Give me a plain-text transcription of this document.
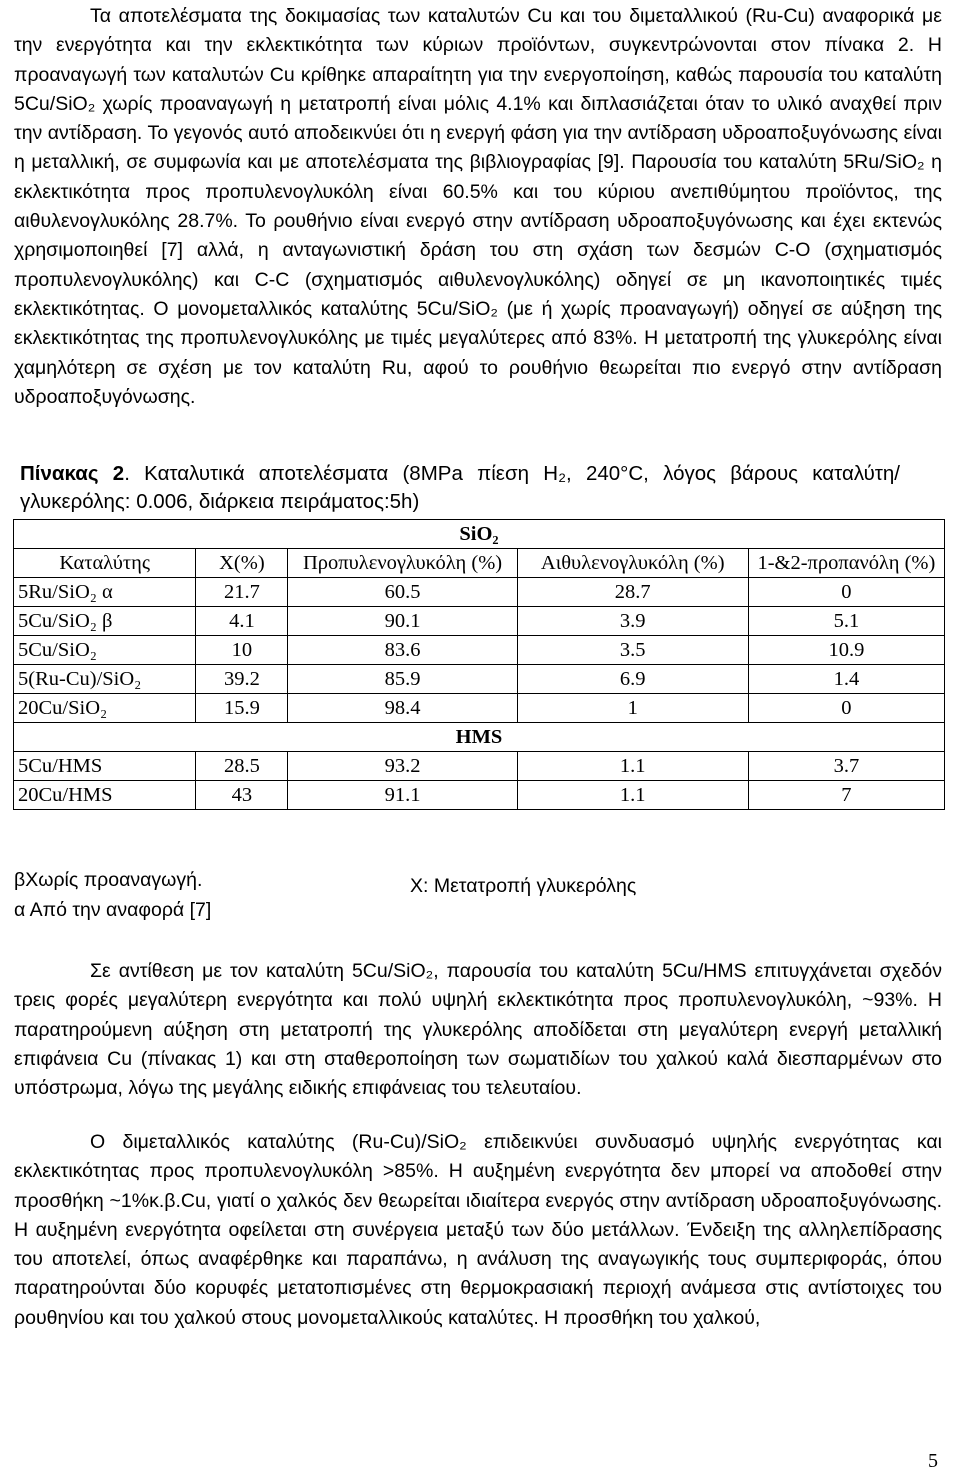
Τα αποτελέσματα της δοκιμασίας των καταλυτών Cu και του διμεταλλικού (Ru-Cu) αναφορικά με την ενεργότητα και την εκλεκτικότητα των κύριων προϊόντων, συγκεντρώνονται στον πίνακα 2. Η προαναγωγή των καταλυτών Cu κρίθηκε απαραίτητη για την ενεργοποίηση, καθώς παρουσία του καταλύτη 5Cu/SiO₂ χωρίς προαναγωγή η μετατροπή είναι μόλις 4.1% και διπλασιάζεται όταν το υλικό αναχθεί πριν την αντίδραση. Το γεγονός αυτό αποδεικνύει ότι η ενεργή φάση για την αντίδραση υδροαποξυγόνωσης είναι η μεταλλική, σε συμφωνία και με αποτελέσματα της βιβλιογραφίας [9]. Παρουσία του καταλύτη 5Ru/SiO₂ η εκλεκτικότητα προς προπυλενογλυκόλη είναι 60.5% και του κύριου ανεπιθύμητου προϊόντος, της αιθυλενογλυκόλης 28.7%. Το ρουθήνιο είναι ενεργό στην αντίδραση υδροαποξυγόνωσης και έχει εκτενώς χρησιμοποιηθεί [7] αλλά, η ανταγωνιστική δράση του στη σχάση των δεσμών C-O (σχηματισμός προπυλενογλυκόλης) και C-C (σχηματισμός αιθυλενογλυκόλης) οδηγεί σε μη ικανοποιητικές τιμές εκλεκτικότητας. Ο μονομεταλλικός καταλύτης 5Cu/SiO₂ (με ή χωρίς προαναγωγή) οδηγεί σε αύξηση της εκλεκτικότητας της προπυλενογλυκόλης με τιμές μεγαλύτερες από 83%. Η μετατροπή της γλυκερόλης είναι χαμηλότερη σε σχέση με τον καταλύτη Ru, αφού το ρουθήνιο θεωρείται πιο ενεργό στην αντίδραση υδροαποξυγόνωσης.

Πίνακας 2. Καταλυτικά αποτελέσματα (8MPa πίεση H₂, 240°C, λόγος βάρους καταλύτη/γλυκερόλης: 0.006, διάρκεια πειράματος:5h)

SiO₂				
Καταλύτης	Χ(%)	Προπυλενογλυκόλη (%)	Αιθυλενογλυκόλη (%)	1-&2-προπανόλη (%)
5Ru/SiO₂ α	21.7	60.5	28.7	0
5Cu/SiO₂ β	4.1	90.1	3.9	5.1
5Cu/SiO₂	10	83.6	3.5	10.9
5(Ru-Cu)/SiO₂	39.2	85.9	6.9	1.4
20Cu/SiO₂	15.9	98.4	1	0
HMS				
5Cu/HMS	28.5	93.2	1.1	3.7
20Cu/HMS	43	91.1	1.1	7
βΧωρίς προαναγωγή.
α Από την αναφορά [7]
Χ: Μετατροπή γλυκερόλης

Σε αντίθεση με τον καταλύτη 5Cu/SiO₂, παρουσία του καταλύτη 5Cu/HMS επιτυγχάνεται σχεδόν τρεις φορές μεγαλύτερη ενεργότητα και πολύ υψηλή εκλεκτικότητα προς προπυλενογλυκόλη, ~93%. Η παρατηρούμενη αύξηση στη μετατροπή της γλυκερόλης αποδίδεται στη μεγαλύτερη ενεργή μεταλλική επιφάνεια Cu (πίνακας 1) και στη σταθεροποίηση των σωματιδίων του χαλκού καλά διεσπαρμένων στο υπόστρωμα, λόγω της μεγάλης ειδικής επιφάνειας του τελευταίου.

Ο διμεταλλικός καταλύτης (Ru-Cu)/SiO₂ επιδεικνύει συνδυασμό υψηλής ενεργότητας και εκλεκτικότητας προς προπυλενογλυκόλη >85%. Η αυξημένη ενεργότητα δεν μπορεί να αποδοθεί στην προσθήκη ~1%κ.β.Cu, γιατί ο χαλκός δεν θεωρείται ιδιαίτερα ενεργός στην αντίδραση υδροαποξυγόνωσης. Η αυξημένη ενεργότητα οφείλεται στη συνέργεια μεταξύ των δύο μετάλλων. Ένδειξη της αλληλεπίδρασης του αποτελεί, όπως αναφέρθηκε και παραπάνω, η ανάλυση της αναγωγικής τους συμπεριφοράς, όπου παρατηρούνται δύο κορυφές μετατοπισμένες στη θερμοκρασιακή περιοχή ανάμεσα στις αντίστοιχες του ρουθηνίου και του χαλκού στους μονομεταλλικούς καταλύτες. Η προσθήκη του χαλκού,

5
